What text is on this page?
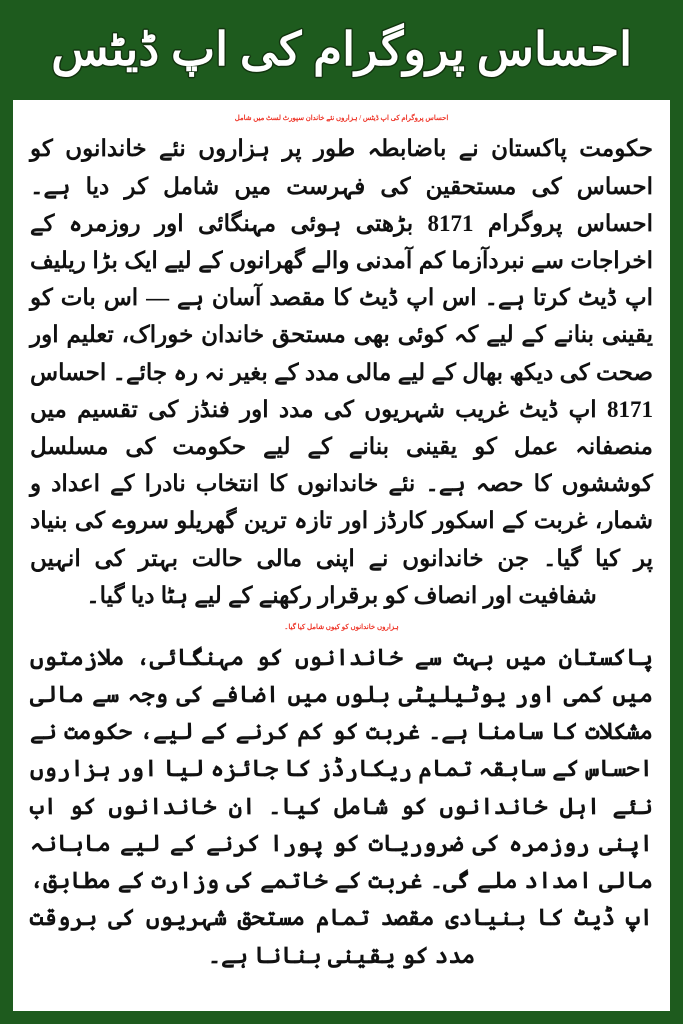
احساس پروگرام کی اپ ڈیٹس
احساس پروگرام کی اپ ڈیٹس / ہزاروں نئے خاندان سپورٹ لسٹ میں شامل

حکومت پاکستان نے باضابطہ طور پر ہزاروں نئے خاندانوں کو احساس کی مستحقین کی فہرست میں شامل کر دیا ہے۔ احساس پروگرام 8171 بڑھتی ہوئی مہنگائی اور روزمرہ کے اخراجات سے نبردآزما کم آمدنی والے گھرانوں کے لیے ایک بڑا ریلیف اپ ڈیٹ کرتا ہے۔ اس اپ ڈیٹ کا مقصد آسان ہے — اس بات کو یقینی بنانے کے لیے کہ کوئی بھی مستحق خاندان خوراک، تعلیم اور صحت کی دیکھ بھال کے لیے مالی مدد کے بغیر نہ رہ جائے۔ احساس 8171 اپ ڈیٹ غریب شہریوں کی مدد اور فنڈز کی تقسیم میں منصفانہ عمل کو یقینی بنانے کے لیے حکومت کی مسلسل کوششوں کا حصہ ہے۔ نئے خاندانوں کا انتخاب نادرا کے اعداد و شمار، غربت کے اسکور کارڈز اور تازہ ترین گھریلو سروے کی بنیاد پر کیا گیا۔ جن خاندانوں نے اپنی مالی حالت بہتر کی انہیں شفافیت اور انصاف کو برقرار رکھنے کے لیے ہٹا دیا گیا۔

ہزاروں خاندانوں کو کیوں شامل کیا گیا۔

پاکستان میں بہت سے خاندانوں کو مہنگائی، ملازمتوں میں کمی اور یوٹیلیٹی بلوں میں اضافے کی وجہ سے مالی مشکلات کا سامنا ہے۔ غربت کو کم کرنے کے لیے، حکومت نے احساس کے سابقہ تمام ریکارڈز کا جائزہ لیا اور ہزاروں نئے اہل خاندانوں کو شامل کیا۔ ان خاندانوں کو اب اپنی روزمرہ کی ضروریات کو پورا کرنے کے لیے ماہانہ مالی امداد ملے گی۔ غربت کے خاتمے کی وزارت کے مطابق، اپ ڈیٹ کا بنیادی مقصد تمام مستحق شہریوں کی بروقت مدد کو یقینی بنانا ہے۔
